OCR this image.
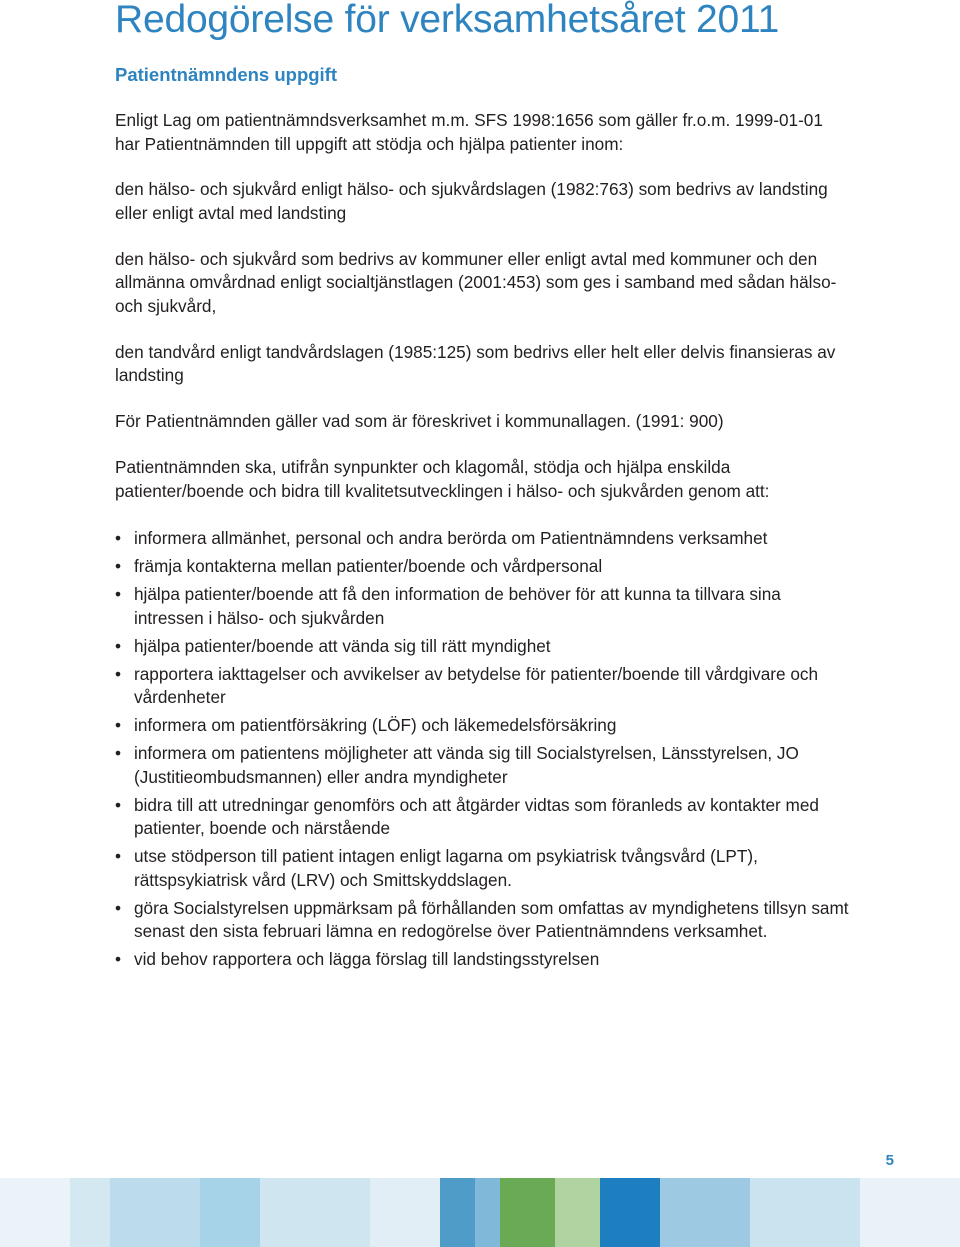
Redogörelse för verksamhetsåret 2011
Patientnämndens uppgift

Enligt Lag om patientnämndsverksamhet m.m. SFS 1998:1656 som gäller fr.o.m. 1999-01-01 har Patientnämnden till uppgift att stödja och hjälpa patienter inom:

den hälso- och sjukvård enligt hälso- och sjukvårdslagen (1982:763) som bedrivs av landsting eller enligt avtal med landsting

den hälso- och sjukvård som bedrivs av kommuner eller enligt avtal med kommuner och den allmänna omvårdnad enligt socialtjänstlagen (2001:453) som ges i samband med sådan hälso- och sjukvård,

den tandvård enligt tandvårdslagen (1985:125) som bedrivs eller helt eller delvis finansieras av landsting

För Patientnämnden gäller vad som är föreskrivet i kommunallagen. (1991: 900)

Patientnämnden ska, utifrån synpunkter och klagomål, stödja och hjälpa enskilda patienter/boende och bidra till kvalitetsutvecklingen i hälso- och sjukvården genom att:

• informera allmänhet, personal och andra berörda om Patientnämndens verksamhet
• främja kontakterna mellan patienter/boende och vårdpersonal
• hjälpa patienter/boende att få den information de behöver för att kunna ta tillvara sina intressen i hälso- och sjukvården
• hjälpa patienter/boende att vända sig till rätt myndighet
• rapportera iakttagelser och avvikelser av betydelse för patienter/boende till vårdgivare och vårdenheter
• informera om patientförsäkring (LÖF) och läkemedelsförsäkring
• informera om patientens möjligheter att vända sig till Socialstyrelsen, Länsstyrelsen, JO (Justitieombudsmannen) eller andra myndigheter
• bidra till att utredningar genomförs och att åtgärder vidtas som föranleds av kontakter med patienter, boende och närstående
• utse stödperson till patient intagen enligt lagarna om psykiatrisk tvångsvård (LPT), rättspsykiatrisk vård (LRV) och Smittskyddslagen.
• göra Socialstyrelsen uppmärksam på förhållanden som omfattas av myndighetens tillsyn samt senast den sista februari lämna en redogörelse över Patientnämndens verksamhet.
• vid behov rapportera och lägga förslag till landstingsstyrelsen
5
